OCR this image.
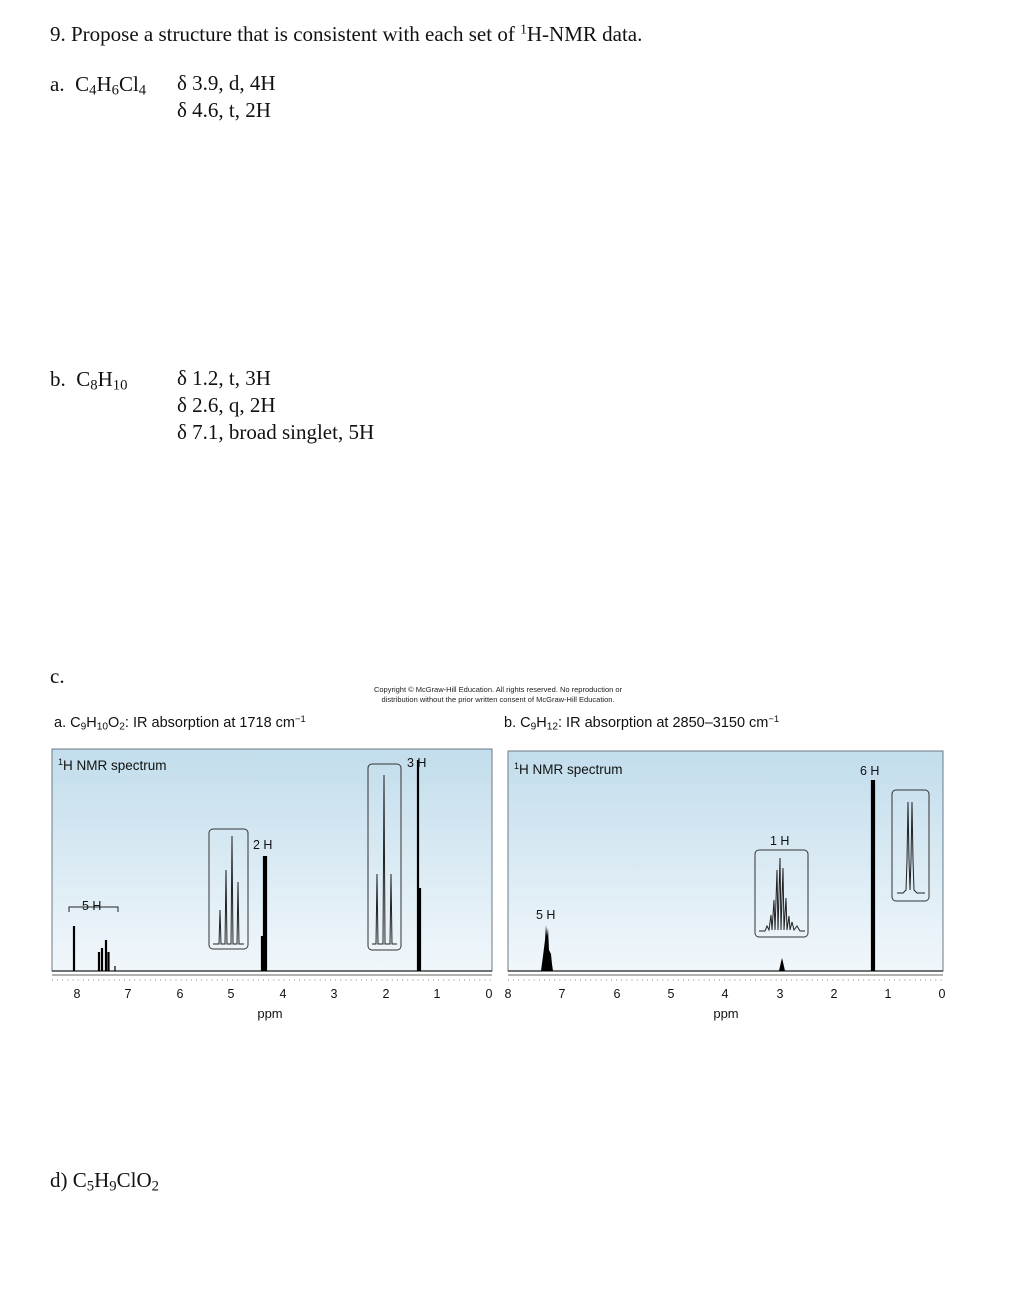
9. Propose a structure that is consistent with each set of $^1$H-NMR data.
a. $C_4H_6Cl_4$ δ 3.9, d, 4H
δ 4.6, t, 2H
b. $C_8H_{10}$ δ 1.2, t, 3H
δ 2.6, q, 2H
δ 7.1, broad singlet, 5H
c.
Copyright © McGraw-Hill Education. All rights reserved. No reproduction or
distribution without the prior written consent of McGraw-Hill Education.
a. $C_9H_{10}O_2$: IR absorption at 1718 $cm^{-1}$	b. $C_9H_{12}$: IR absorption at 2850–3150 $cm^{-1}$
$^1$H NMR spectrum
5 H
2 H
3 H
8	7	6	5	4	3	2	1	0
ppm
$^1$H NMR spectrum
5 H
1 H
6 H
8	7	6	5	4	3	2	1	0
ppm
d) $C_5H_9ClO_2$
